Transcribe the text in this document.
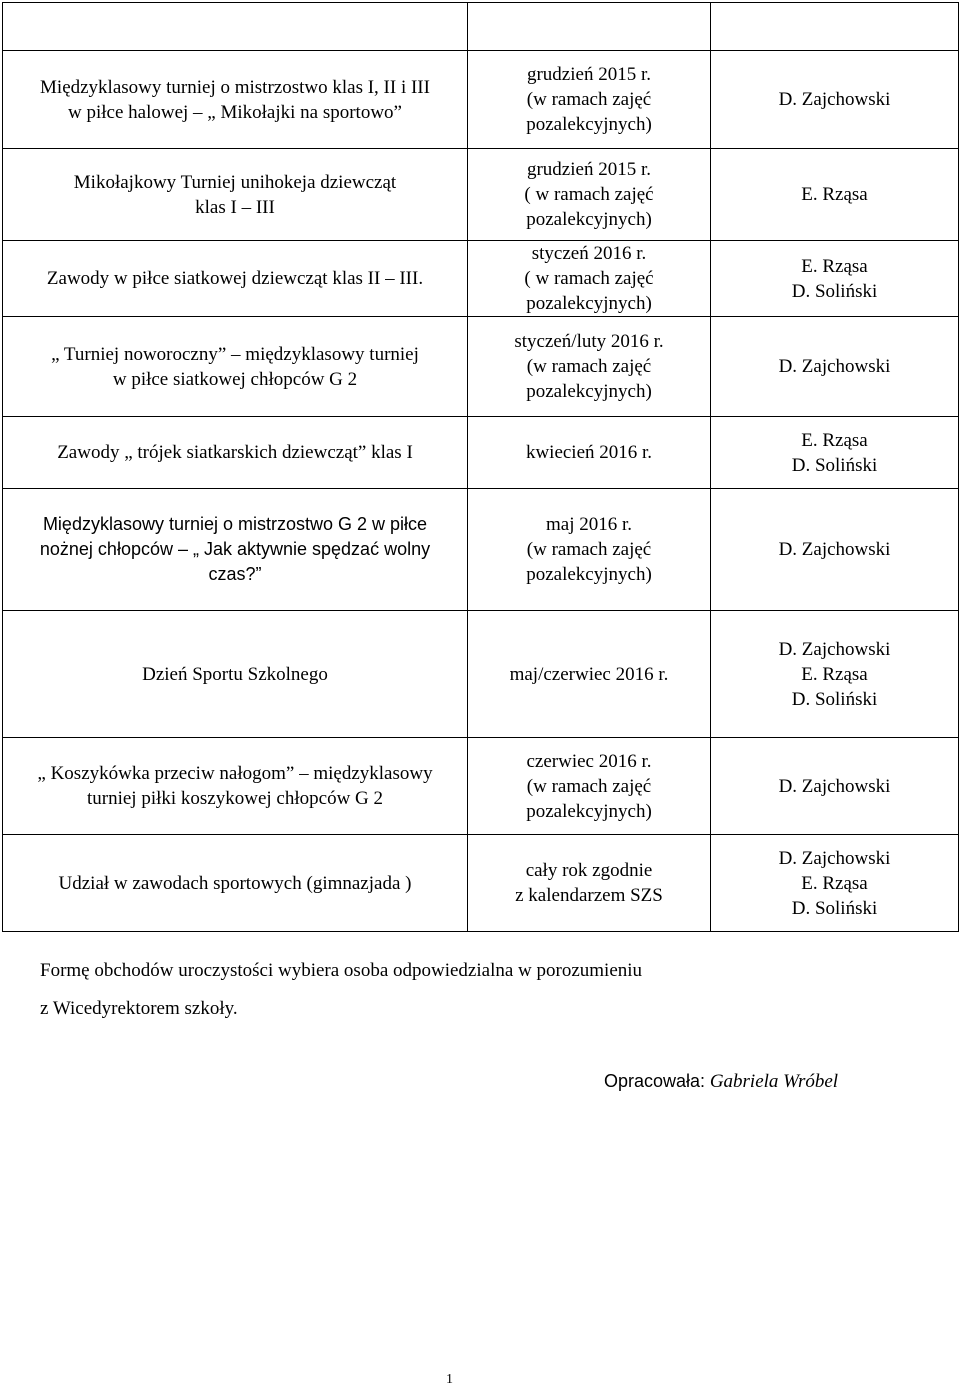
Międzyklasowy turniej o mistrzostwo klas I, II i III
w piłce halowej – „ Mikołajki na sportowo”	grudzień 2015 r.
(w ramach zajęć
pozalekcyjnych)	D. Zajchowski

Mikołajkowy Turniej unihokeja dziewcząt
klas I – III	grudzień 2015 r.
( w ramach zajęć
pozalekcyjnych)	E. Rząsa

Zawody w piłce siatkowej dziewcząt klas II – III.	styczeń 2016 r.
( w ramach zajęć
pozalekcyjnych)	E. Rząsa
D. Soliński

„ Turniej noworoczny” – międzyklasowy turniej
w piłce siatkowej chłopców G 2	styczeń/luty 2016 r.
(w ramach zajęć
pozalekcyjnych)	D. Zajchowski

Zawody „ trójek siatkarskich dziewcząt” klas I	kwiecień 2016 r.	E. Rząsa
D. Soliński

Międzyklasowy turniej o mistrzostwo G 2 w piłce
nożnej chłopców – „ Jak aktywnie spędzać wolny
czas?”	maj 2016 r.
(w ramach zajęć
pozalekcyjnych)	D. Zajchowski

Dzień Sportu Szkolnego	maj/czerwiec 2016 r.	D. Zajchowski
E. Rząsa
D. Soliński

„ Koszykówka przeciw nałogom” – międzyklasowy
turniej piłki koszykowej chłopców G 2	czerwiec 2016 r.
(w ramach zajęć
pozalekcyjnych)	D. Zajchowski

Udział w zawodach sportowych (gimnazjada )	cały rok zgodnie
z kalendarzem SZS	D. Zajchowski
E. Rząsa
D. Soliński
Formę obchodów uroczystości wybiera osoba odpowiedzialna w porozumieniu
z Wicedyrektorem szkoły.
Opracowała: Gabriela Wróbel
1
